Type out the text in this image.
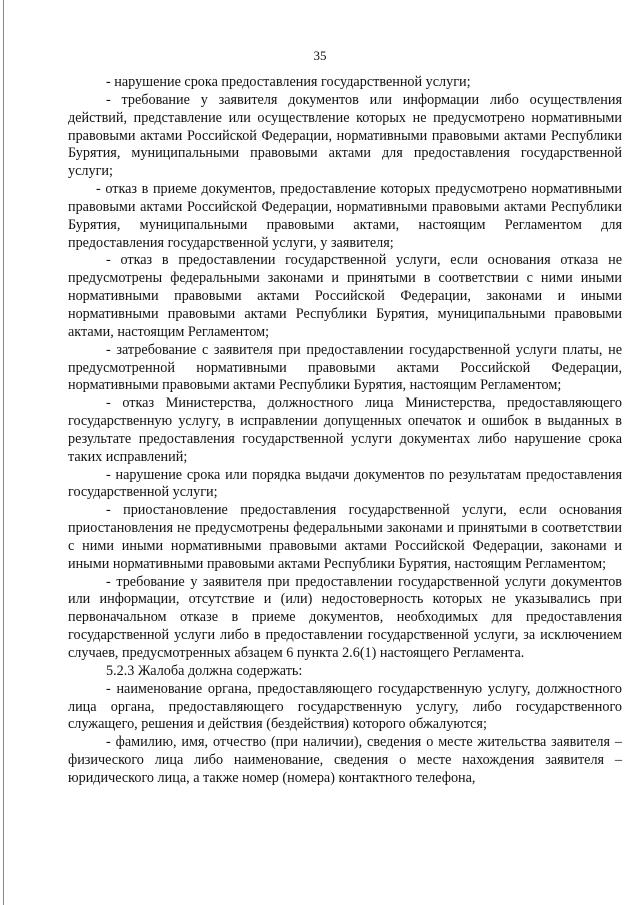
35

- нарушение срока предоставления государственной услуги;

- требование у заявителя документов или информации либо осуществления действий, представление или осуществление которых не предусмотрено нормативными правовыми актами Российской Федерации, нормативными правовыми актами Республики Бурятия, муниципальными правовыми актами для предоставления государственной услуги;

- отказ в приеме документов, предоставление которых предусмотрено нормативными правовыми актами Российской Федерации, нормативными правовыми актами Республики Бурятия, муниципальными правовыми актами, настоящим Регламентом для предоставления государственной услуги, у заявителя;

- отказ в предоставлении государственной услуги, если основания отказа не предусмотрены федеральными законами и принятыми в соответствии с ними иными нормативными правовыми актами Российской Федерации, законами и иными нормативными правовыми актами Республики Бурятия, муниципальными правовыми актами, настоящим Регламентом;

- затребование с заявителя при предоставлении государственной услуги платы, не предусмотренной нормативными правовыми актами Российской Федерации, нормативными правовыми актами Республики Бурятия, настоящим Регламентом;

- отказ Министерства, должностного лица Министерства, предоставляющего государственную услугу, в исправлении допущенных опечаток и ошибок в выданных в результате предоставления государственной услуги документах либо нарушение срока таких исправлений;

- нарушение срока или порядка выдачи документов по результатам предоставления государственной услуги;

- приостановление предоставления государственной услуги, если основания приостановления не предусмотрены федеральными законами и принятыми в соответствии с ними иными нормативными правовыми актами Российской Федерации, законами и иными нормативными правовыми актами Республики Бурятия, настоящим Регламентом;

- требование у заявителя при предоставлении государственной услуги документов или информации, отсутствие и (или) недостоверность которых не указывались при первоначальном отказе в приеме документов, необходимых для предоставления государственной услуги либо в предоставлении государственной услуги, за исключением случаев, предусмотренных абзацем 6 пункта 2.6(1) настоящего Регламента.

5.2.3 Жалоба должна содержать:

- наименование органа, предоставляющего государственную услугу, должностного лица органа, предоставляющего государственную услугу, либо государственного служащего, решения и действия (бездействия) которого обжалуются;

- фамилию, имя, отчество (при наличии), сведения о месте жительства заявителя – физического лица либо наименование, сведения о месте нахождения заявителя – юридического лица, а также номер (номера) контактного телефона,
